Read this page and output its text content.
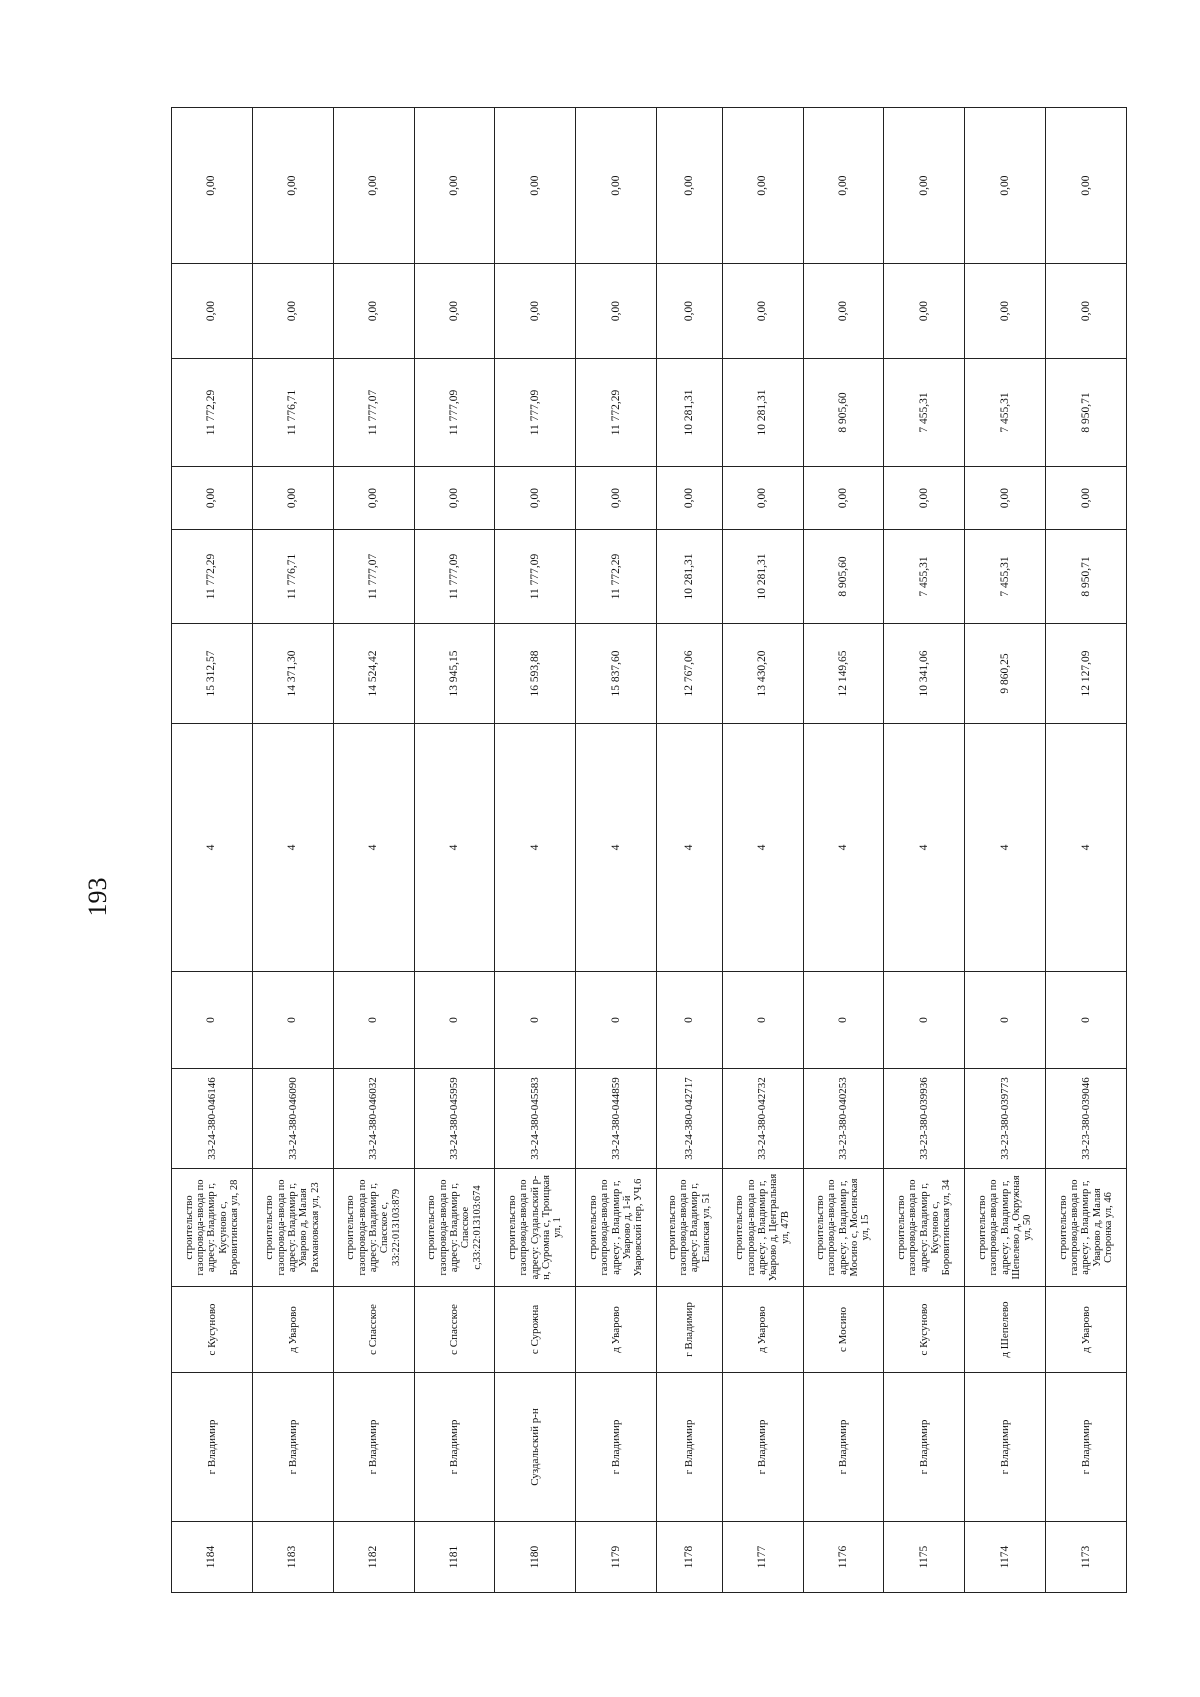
193
1184	г Владимир	с Кусуново	строительство газопровода-ввода по адресу: Владимир г, Кусуново с, Боровитинская ул, 28	33-24-380-046146	0	4	15 312,57	11 772,29	0,00	11 772,29	0,00	0,00
1183	г Владимир	д Уварово	строительство газопровода-ввода по адресу: Владимир г, Уварово д, Малая Рахмановская ул, 23	33-24-380-046090	0	4	14 371,30	11 776,71	0,00	11 776,71	0,00	0,00
1182	г Владимир	с Спасское	строительство газопровода-ввода по адресу: Владимир г, Спасское с, 33:22:013103:879	33-24-380-046032	0	4	14 524,42	11 777,07	0,00	11 777,07	0,00	0,00
1181	г Владимир	с Спасское	строительство газопровода-ввода по адресу: Владимир г, Спасское с,33:22:013103:674	33-24-380-045959	0	4	13 945,15	11 777,09	0,00	11 777,09	0,00	0,00
1180	Суздальский р-н	с Сурожна	строительство газопровода-ввода по адресу: Суздальский р-н, Суромна с, Троицкая ул, 1	33-24-380-045583	0	4	16 593,88	11 777,09	0,00	11 777,09	0,00	0,00
1179	г Владимир	д Уварово	строительство газопровода-ввода по адресу: , Владимир г, Уварово д, 1-й Уваровский пер, УЧ.6	33-24-380-044859	0	4	15 837,60	11 772,29	0,00	11 772,29	0,00	0,00
1178	г Владимир	г Владимир	строительство газопровода-ввода по адресу: Владимир г, Еланская ул, 51	33-24-380-042717	0	4	12 767,06	10 281,31	0,00	10 281,31	0,00	0,00
1177	г Владимир	д Уварово	строительство газопровода-ввода по адресу: , Владимир г, Уварово д, Центральная ул, 47В	33-24-380-042732	0	4	13 430,20	10 281,31	0,00	10 281,31	0,00	0,00
1176	г Владимир	с Мосино	строительство газопровода-ввода по адресу: , Владимир г, Мосино с, Мосинская ул, 15	33-23-380-040253	0	4	12 149,65	8 905,60	0,00	8 905,60	0,00	0,00
1175	г Владимир	с Кусуново	строительство газопровода-ввода по адресу: Владимир г, Кусуново с, Боровитинская ул, 34	33-23-380-039936	0	4	10 341,06	7 455,31	0,00	7 455,31	0,00	0,00
1174	г Владимир	д Шепелево	строительство газопровода-ввода по адресу: , Владимир г, Шепелево д, Окружная ул, 50	33-23-380-039773	0	4	9 860,25	7 455,31	0,00	7 455,31	0,00	0,00
1173	г Владимир	д Уварово	строительство газопровода-ввода по адресу: , Владимир г, Уварово д, Малая Сторонка ул, 46	33-23-380-039046	0	4	12 127,09	8 950,71	0,00	8 950,71	0,00	0,00
